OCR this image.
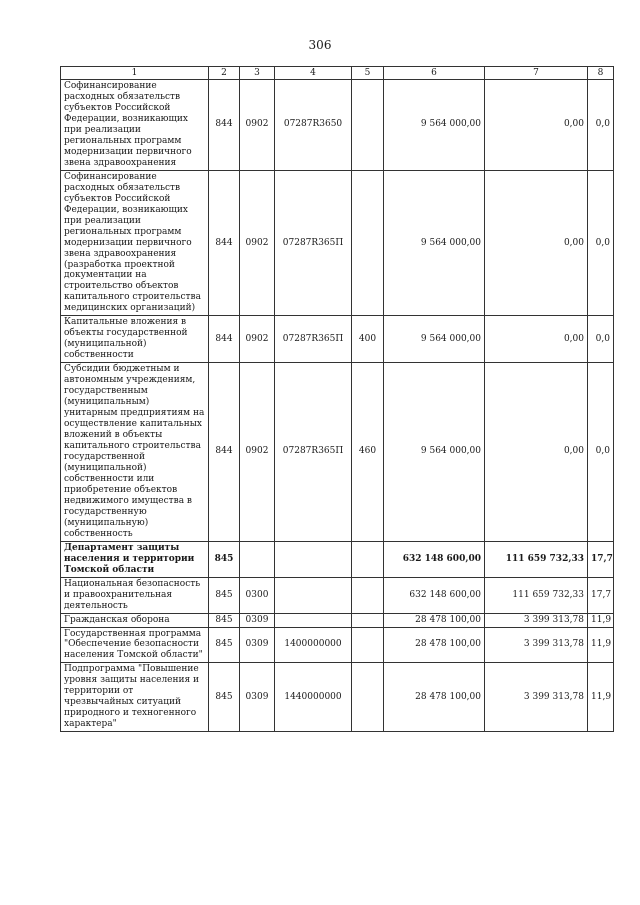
306
1	2	3	4	5	6	7	8
Софинансирование расходных обязательств субъектов Российской Федерации, возникающих при реализации региональных программ модернизации первичного звена здравоохранения	844	0902	07287R3650		9 564 000,00	0,00	0,0
Софинансирование расходных обязательств субъектов Российской Федерации, возникающих при реализации региональных программ модернизации первичного звена здравоохранения (разработка проектной документации на строительство объектов капитального строительства медицинских организаций)	844	0902	07287R365П		9 564 000,00	0,00	0,0
Капитальные вложения в объекты государственной (муниципальной) собственности	844	0902	07287R365П	400	9 564 000,00	0,00	0,0
Субсидии бюджетным и автономным учреждениям, государственным (муниципальным) унитарным предприятиям на осуществление капитальных вложений в объекты капитального строительства государственной (муниципальной) собственности или приобретение объектов недвижимого имущества в государственную (муниципальную) собственность	844	0902	07287R365П	460	9 564 000,00	0,00	0,0
Департамент защиты населения и территории Томской области	845				632 148 600,00	111 659 732,33	17,7
Национальная безопасность и правоохранительная деятельность	845	0300			632 148 600,00	111 659 732,33	17,7
Гражданская оборона	845	0309			28 478 100,00	3 399 313,78	11,9
Государственная программа "Обеспечение безопасности населения Томской области"	845	0309	1400000000		28 478 100,00	3 399 313,78	11,9
Подпрограмма "Повышение уровня защиты населения и территории от чрезвычайных ситуаций природного и техногенного характера"	845	0309	1440000000		28 478 100,00	3 399 313,78	11,9
